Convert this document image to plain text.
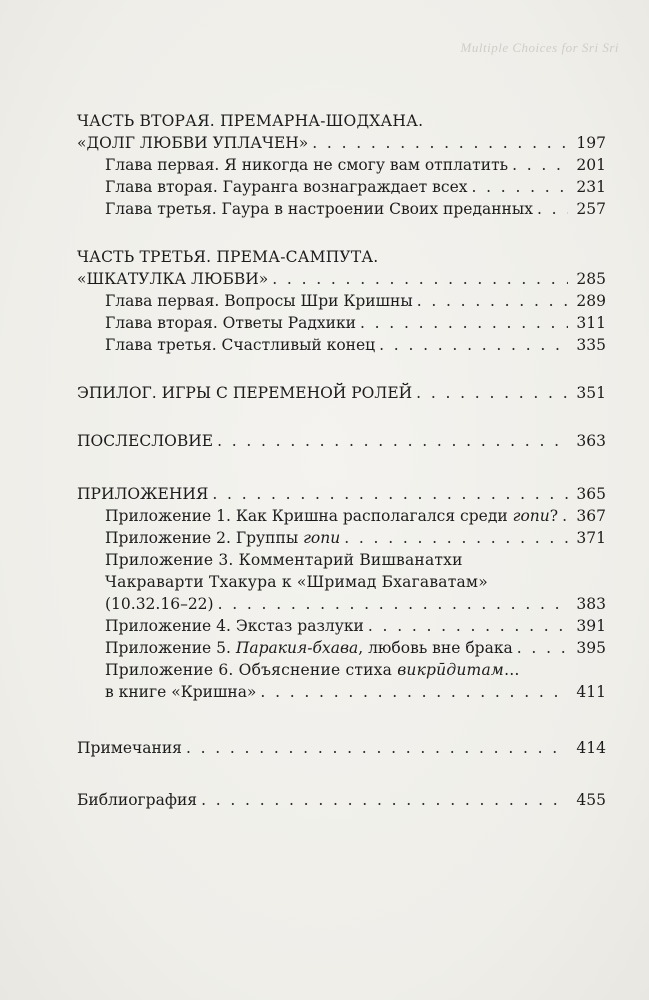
Multiple Choices for Sri Sri
ЧАСТЬ ВТОРАЯ. ПРЕМАРНА-ШОДХАНА.
«ДОЛГ ЛЮБВИ УПЛАЧЕН» . . .	197
Глава первая. Я никогда не смогу вам отплатить . . .	201
Глава вторая. Гауранга вознаграждает всех . . .	231
Глава третья. Гаура в настроении Своих преданных . . .	257
ЧАСТЬ ТРЕТЬЯ. ПРЕМА-САМПУТА.
«ШКАТУЛКА ЛЮБВИ» . . .	285
Глава первая. Вопросы Шри Кришны . . .	289
Глава вторая. Ответы Радхики . . .	311
Глава третья. Счастливый конец . . .	335
ЭПИЛОГ. ИГРЫ С ПЕРЕМЕНОЙ РОЛЕЙ . . .	351
ПОСЛЕСЛОВИЕ . . .	363
ПРИЛОЖЕНИЯ . . .	365
Приложение 1. Как Кришна располагался среди гопи? . . . 367
Приложение 2. Группы гопи . . .	371
Приложение 3. Комментарий Вишванатхи
Чакраварти Тхакура к «Шримад Бхагаватам»
(10.32.16–22) . . .	383
Приложение 4. Экстаз разлуки . . .	391
Приложение 5. Паракия-бхава, любовь вне брака . . .	395
Приложение 6. Объяснение стиха викрӣдитам…
в книге «Кришна» . . .	411
Примечания . . .	414
Библиография . . .	455
